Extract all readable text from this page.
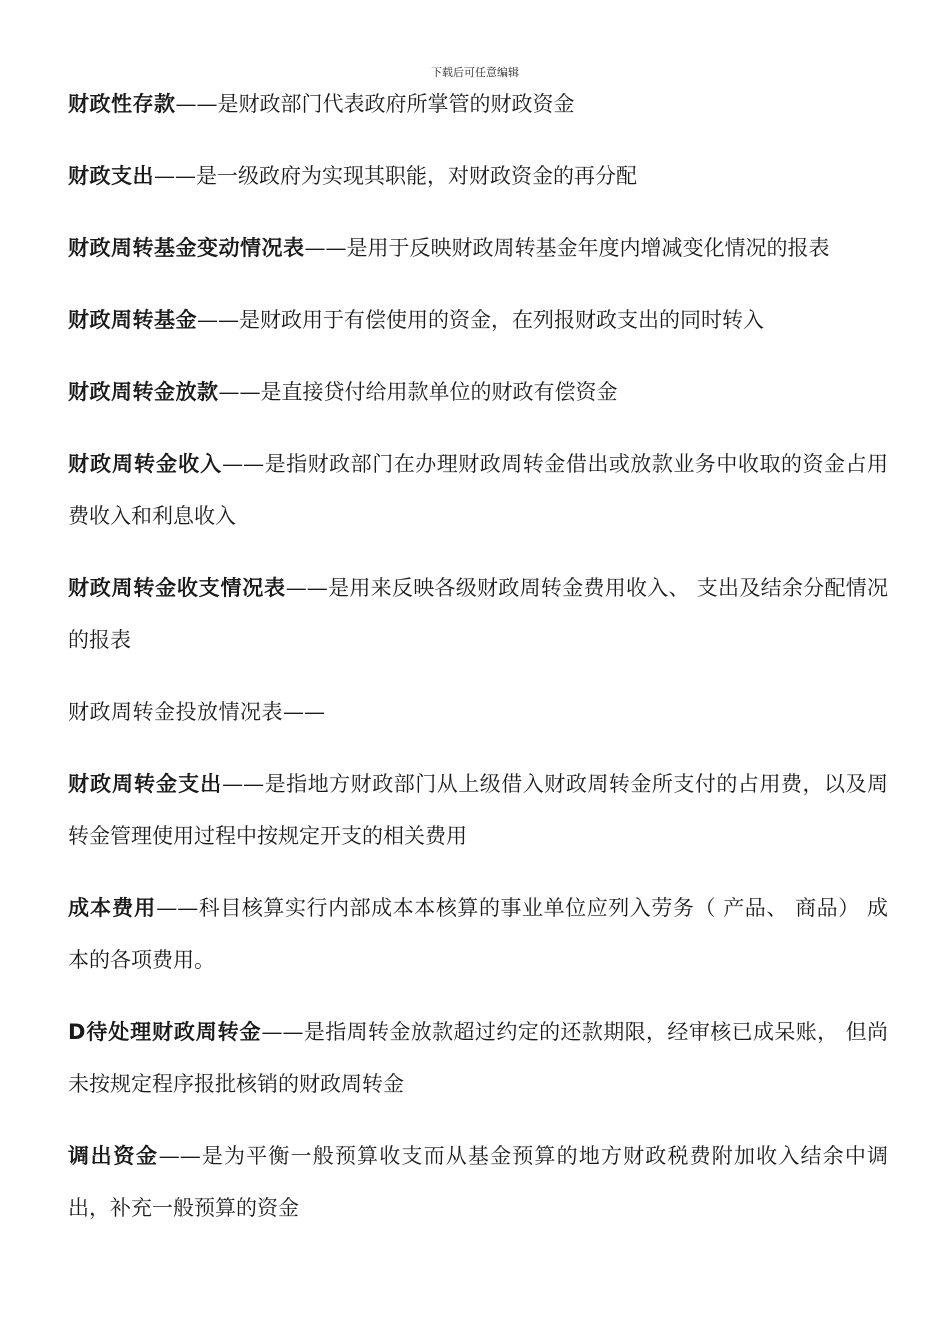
下载后可任意编辑

财政性存款——是财政部门代表政府所掌管的财政资金

财政支出——是一级政府为实现其职能，对财政资金的再分配

财政周转基金变动情况表——是用于反映财政周转基金年度内增减变化情况的报表

财政周转基金——是财政用于有偿使用的资金，在列报财政支出的同时转入

财政周转金放款——是直接贷付给用款单位的财政有偿资金

财政周转金收入——是指财政部门在办理财政周转金借出或放款业务中收取的资金占用费收入和利息收入

财政周转金收支情况表——是用来反映各级财政周转金费用收入、 支出及结余分配情况的报表

财政周转金投放情况表——

财政周转金支出——是指地方财政部门从上级借入财政周转金所支付的占用费，以及周转金管理使用过程中按规定开支的相关费用

成本费用——科目核算实行内部成本本核算的事业单位应列入劳务（ 产品、 商品） 成本的各项费用。

D待处理财政周转金——是指周转金放款超过约定的还款期限，经审核已成呆账， 但尚未按规定程序报批核销的财政周转金

调出资金——是为平衡一般预算收支而从基金预算的地方财政税费附加收入结余中调出，补充一般预算的资金
